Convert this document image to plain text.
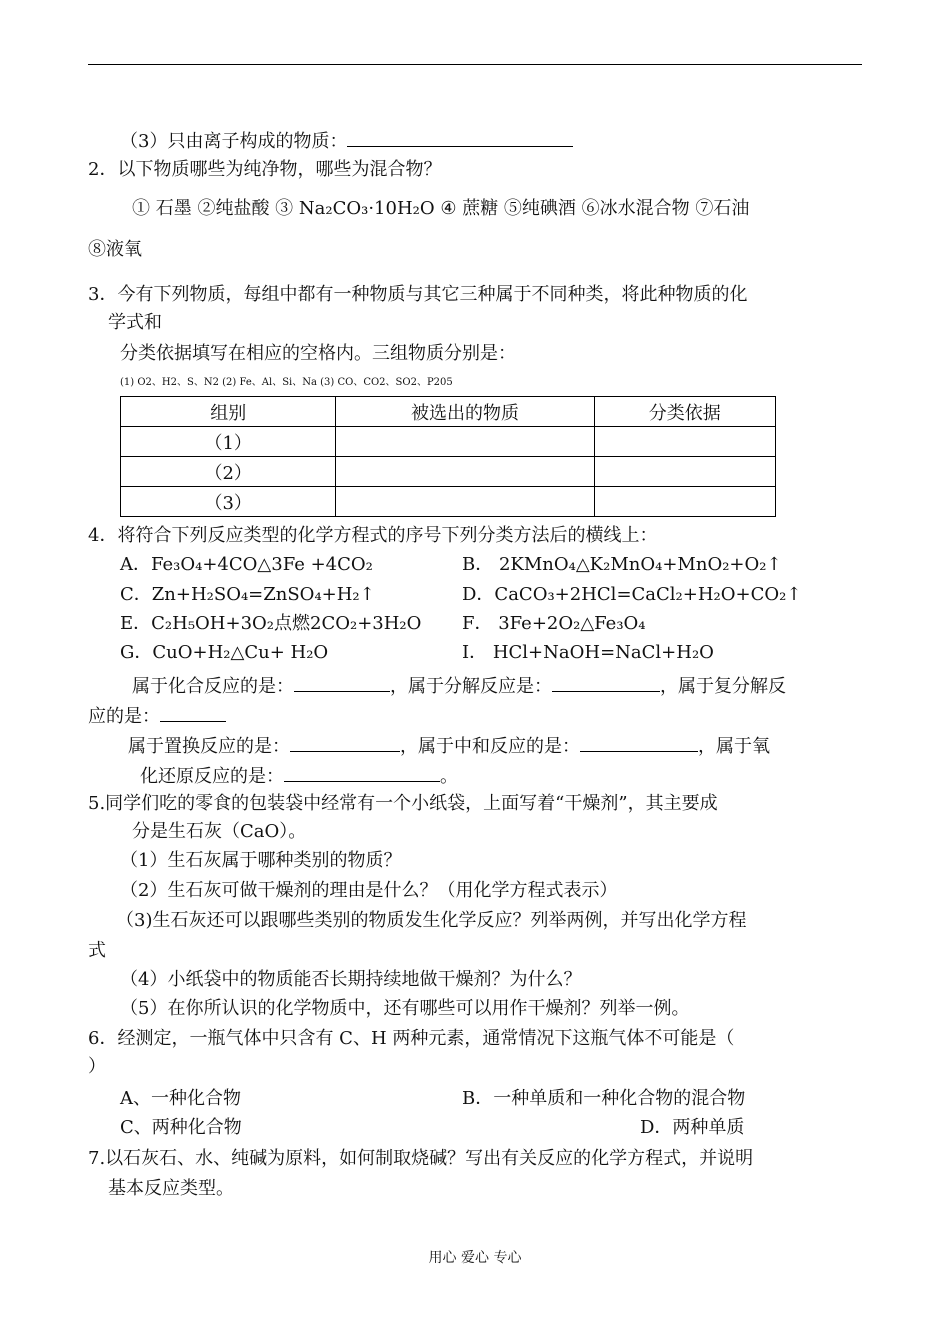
（3）只由离子构成的物质：
2．以下物质哪些为纯净物，哪些为混合物？
① 石墨 ②纯盐酸 ③ Na₂CO₃·10H₂O ④ 蔗糖 ⑤纯碘酒 ⑥冰水混合物 ⑦石油
⑧液氧
3．今有下列物质，每组中都有一种物质与其它三种属于不同种类，将此种物质的化
学式和
分类依据填写在相应的空格内。三组物质分别是：
(1) O2、H2、S、N2 (2) Fe、Al、Si、Na (3) CO、CO2、SO2、P205
组别	被选出的物质	分类依据
（1）		
（2）		
（3）		
4．将符合下列反应类型的化学方程式的序号下列分类方法后的横线上：
A．Fe₃O₄+4CO△3Fe +4CO₂	B． 2KMnO₄△K₂MnO₄+MnO₂+O₂↑
C．Zn+H₂SO₄=ZnSO₄+H₂↑	D．CaCO₃+2HCl=CaCl₂+H₂O+CO₂↑
E．C₂H₅OH+3O₂点燃2CO₂+3H₂O F． 3Fe+2O₂△Fe₃O₄
G．CuO+H₂△Cu+ H₂O	I． HCl+NaOH=NaCl+H₂O
属于化合反应的是：	，属于分解反应是：	，属于复分解反
应的是：
属于置换反应的是：	，属于中和反应的是：	，属于氧
化还原反应的是：	。
5.同学们吃的零食的包装袋中经常有一个小纸袋，上面写着“干燥剂”，其主要成
分是生石灰（CaO）。
（1）生石灰属于哪种类别的物质？
（2）生石灰可做干燥剂的理由是什么？（用化学方程式表示）
（3)生石灰还可以跟哪些类别的物质发生化学反应？列举两例，并写出化学方程
式
（4）小纸袋中的物质能否长期持续地做干燥剂？为什么？
（5）在你所认识的化学物质中，还有哪些可以用作干燥剂？列举一例。
6．经测定，一瓶气体中只含有 C、H 两种元素，通常情况下这瓶气体不可能是（
）
A、一种化合物	B．一种单质和一种化合物的混合物
C、两种化合物	D．两种单质
7.以石灰石、水、纯碱为原料，如何制取烧碱？写出有关反应的化学方程式，并说明
基本反应类型。
用心 爱心 专心
